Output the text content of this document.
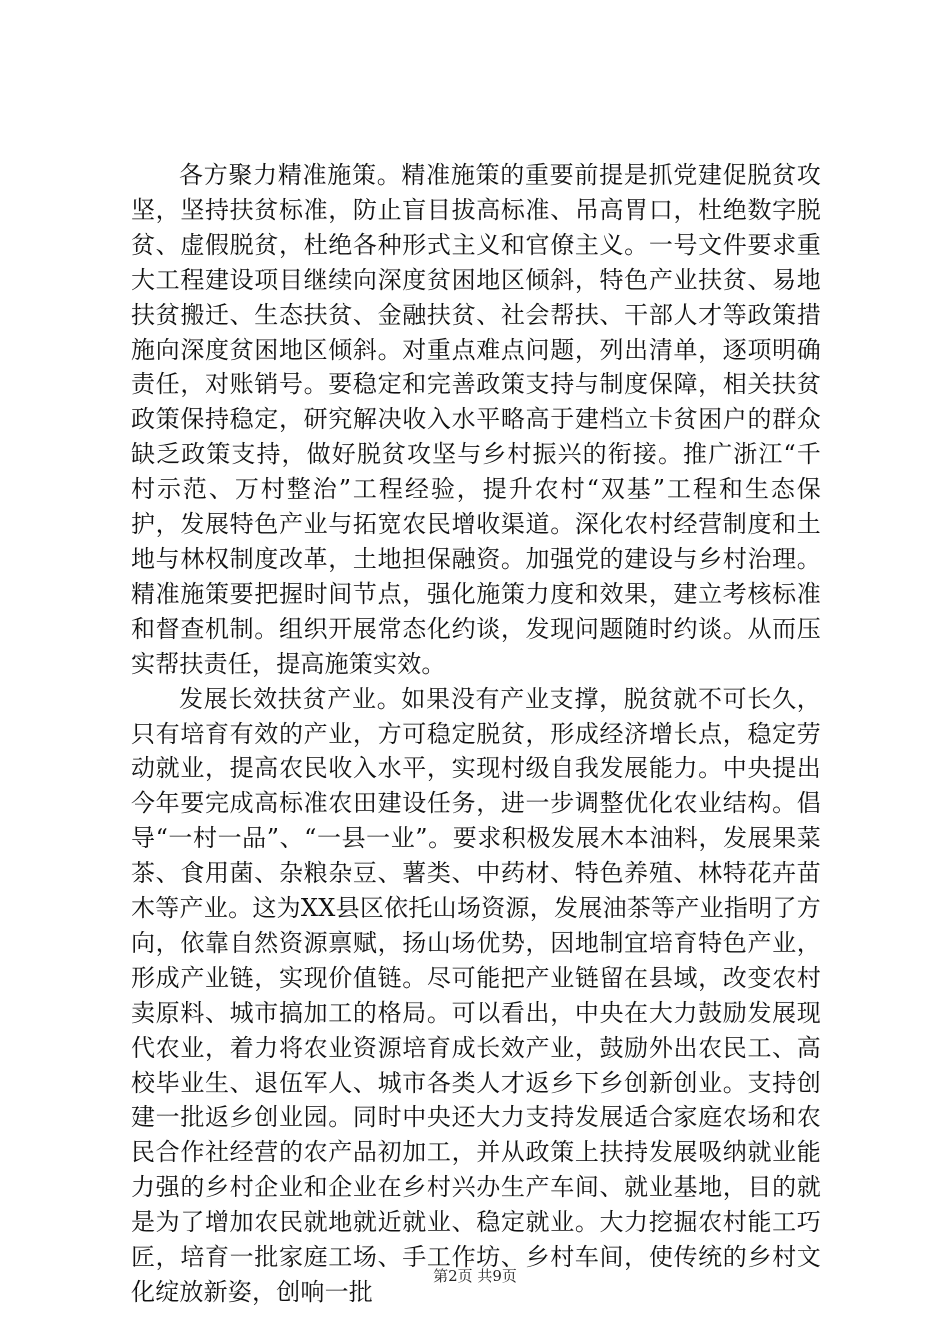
各方聚力精准施策。精准施策的重要前提是抓党建促脱贫攻坚，坚持扶贫标准，防止盲目拔高标准、吊高胃口，杜绝数字脱贫、虚假脱贫，杜绝各种形式主义和官僚主义。一号文件要求重大工程建设项目继续向深度贫困地区倾斜，特色产业扶贫、易地扶贫搬迁、生态扶贫、金融扶贫、社会帮扶、干部人才等政策措施向深度贫困地区倾斜。对重点难点问题，列出清单，逐项明确责任，对账销号。要稳定和完善政策支持与制度保障，相关扶贫政策保持稳定，研究解决收入水平略高于建档立卡贫困户的群众缺乏政策支持，做好脱贫攻坚与乡村振兴的衔接。推广浙江“千村示范、万村整治”工程经验，提升农村“双基”工程和生态保护，发展特色产业与拓宽农民增收渠道。深化农村经营制度和土地与林权制度改革，土地担保融资。加强党的建设与乡村治理。精准施策要把握时间节点，强化施策力度和效果，建立考核标准和督查机制。组织开展常态化约谈，发现问题随时约谈。从而压实帮扶责任，提高施策实效。

发展长效扶贫产业。如果没有产业支撑，脱贫就不可长久，只有培育有效的产业，方可稳定脱贫，形成经济增长点，稳定劳动就业，提高农民收入水平，实现村级自我发展能力。中央提出今年要完成高标准农田建设任务，进一步调整优化农业结构。倡导“一村一品”、“一县一业”。要求积极发展木本油料，发展果菜茶、食用菌、杂粮杂豆、薯类、中药材、特色养殖、林特花卉苗木等产业。这为XX县区依托山场资源，发展油茶等产业指明了方向，依靠自然资源禀赋，扬山场优势，因地制宜培育特色产业，形成产业链，实现价值链。尽可能把产业链留在县域，改变农村卖原料、城市搞加工的格局。可以看出，中央在大力鼓励发展现代农业，着力将农业资源培育成长效产业，鼓励外出农民工、高校毕业生、退伍军人、城市各类人才返乡下乡创新创业。支持创建一批返乡创业园。同时中央还大力支持发展适合家庭农场和农民合作社经营的农产品初加工，并从政策上扶持发展吸纳就业能力强的乡村企业和企业在乡村兴办生产车间、就业基地，目的就是为了增加农民就地就近就业、稳定就业。大力挖掘农村能工巧匠，培育一批家庭工场、手工作坊、乡村车间，使传统的乡村文化绽放新姿，创响一批

第2页 共9页
